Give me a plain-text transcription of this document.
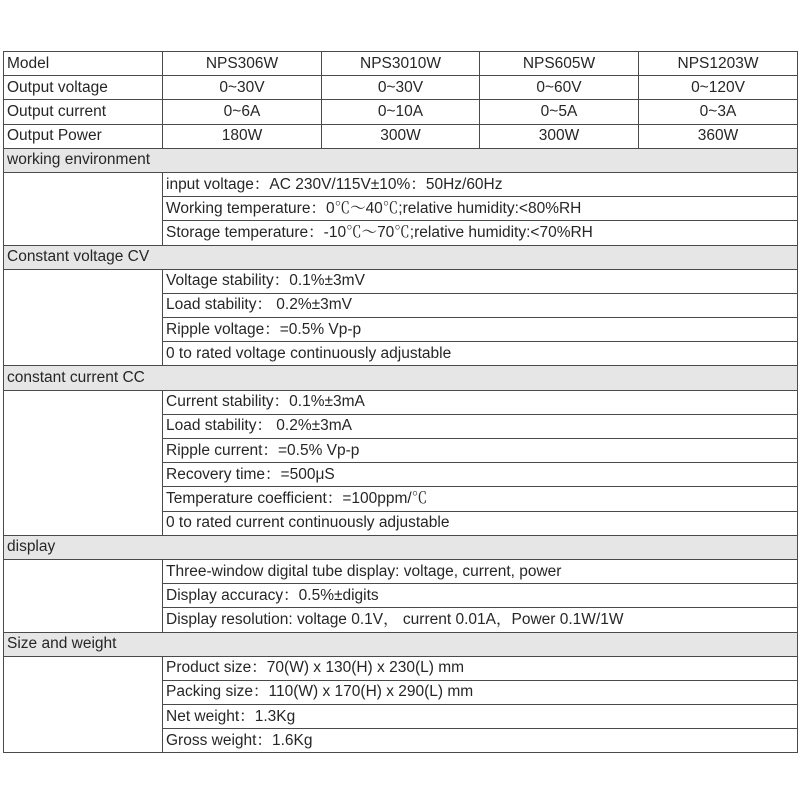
Model	NPS306W	NPS3010W	NPS605W	NPS1203W
Output voltage	0~30V	0~30V	0~60V	0~120V
Output current	0~6A	0~10A	0~5A	0~3A
Output Power	180W	300W	300W	360W
working environment				
	input voltage：AC 230V/115V±10%：50Hz/60Hz			
	Working temperature：0℃～40℃;relative humidity:<80%RH			
	Storage temperature：-10℃～70℃;relative humidity:<70%RH			
Constant voltage CV				
	Voltage stability：0.1%±3mV			
	Load stability： 0.2%±3mV			
	Ripple voltage：=0.5% Vp-p			
	0 to rated voltage continuously adjustable			
constant current CC				
	Current stability：0.1%±3mA			
	Load stability： 0.2%±3mA			
	Ripple current：=0.5% Vp-p			
	Recovery time：=500μS			
	Temperature coefficient：=100ppm/℃			
	0 to rated current continuously adjustable			
display				
	Three-window digital tube display: voltage, current, power			
	Display accuracy：0.5%±digits			
	Display resolution: voltage 0.1V， current 0.01A，Power 0.1W/1W			
Size and weight				
	Product size：70(W) x 130(H) x 230(L) mm			
	Packing size：110(W) x 170(H) x 290(L) mm			
	Net weight：1.3Kg			
	Gross weight：1.6Kg			
